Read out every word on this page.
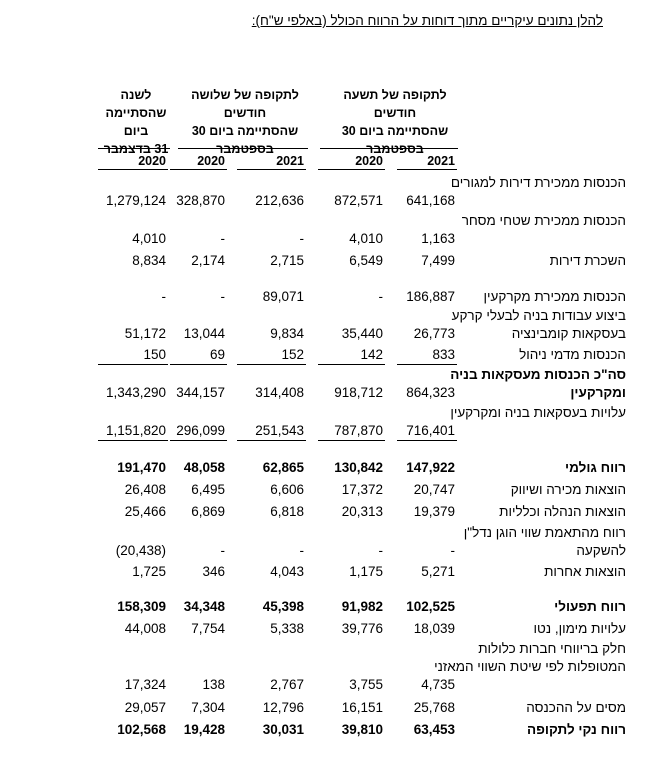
להלן נתונים עיקריים מתוך דוחות על הרווח הכולל (באלפי ש"ח):
לתקופה של תשעה
חודשים
שהסתיימה ביום 30
בספטמבר
לתקופה של שלושה
חודשים
שהסתיימה ביום 30
בספטמבר
לשנה
שהסתיימה
ביום
31 בדצמבר
2021
2020
2021
2020
2020
הכנסות ממכירת דירות למגורים
641,168
872,571
212,636
328,870
1,279,124
הכנסות ממכירת שטחי מסחר
1,163
4,010
-
-
4,010
השכרת דירות
7,499
6,549
2,715
2,174
8,834
הכנסות ממכירת מקרקעין
186,887
-
89,071
-
-
ביצוע עבודות בניה לבעלי קרקע בעסקאות קומבינציה
26,773
35,440
9,834
13,044
51,172
הכנסות מדמי ניהול
833
142
152
69
150
סה"כ הכנסות מעסקאות בניה ומקרקעין
864,323
918,712
314,408
344,157
1,343,290
עלויות בעסקאות בניה ומקרקעין
716,401
787,870
251,543
296,099
1,151,820
רווח גולמי
147,922
130,842
62,865
48,058
191,470
הוצאות מכירה ושיווק
20,747
17,372
6,606
6,495
26,408
הוצאות הנהלה וכלליות
19,379
20,313
6,818
6,869
25,466
רווח מהתאמת שווי הוגן נדל"ן להשקעה
-
-
-
-
(20,438)
הוצאות אחרות
5,271
1,175
4,043
346
1,725
רווח תפעולי
102,525
91,982
45,398
34,348
158,309
עלויות מימון, נטו
18,039
39,776
5,338
7,754
44,008
חלק בריווחי חברות כלולות המטופלות לפי שיטת השווי המאזני
4,735
3,755
2,767
138
17,324
מסים על ההכנסה
25,768
16,151
12,796
7,304
29,057
רווח נקי לתקופה
63,453
39,810
30,031
19,428
102,568
